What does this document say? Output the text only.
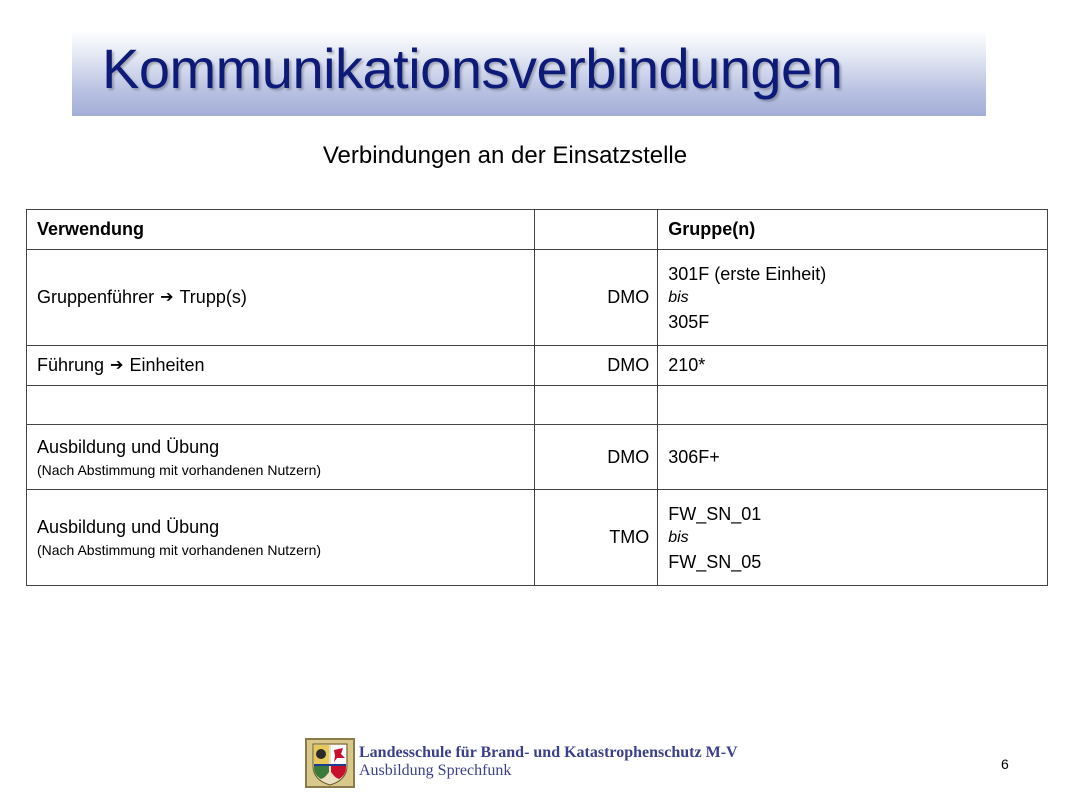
Kommunikationsverbindungen
Verbindungen an der Einsatzstelle
Verwendung		Gruppe(n)
Gruppenführer ➔ Trupp(s)	DMO	301F (erste Einheit)
bis
305F

Führung ➔ Einheiten	DMO	210*

Ausbildung und Übung
(Nach Abstimmung mit vorhandenen Nutzern)	DMO	306F+
Ausbildung und Übung
(Nach Abstimmung mit vorhandenen Nutzern)	TMO	FW_SN_01
bis
FW_SN_05
Landesschule für Brand- und Katastrophenschutz M-V
Ausbildung Sprechfunk	6
